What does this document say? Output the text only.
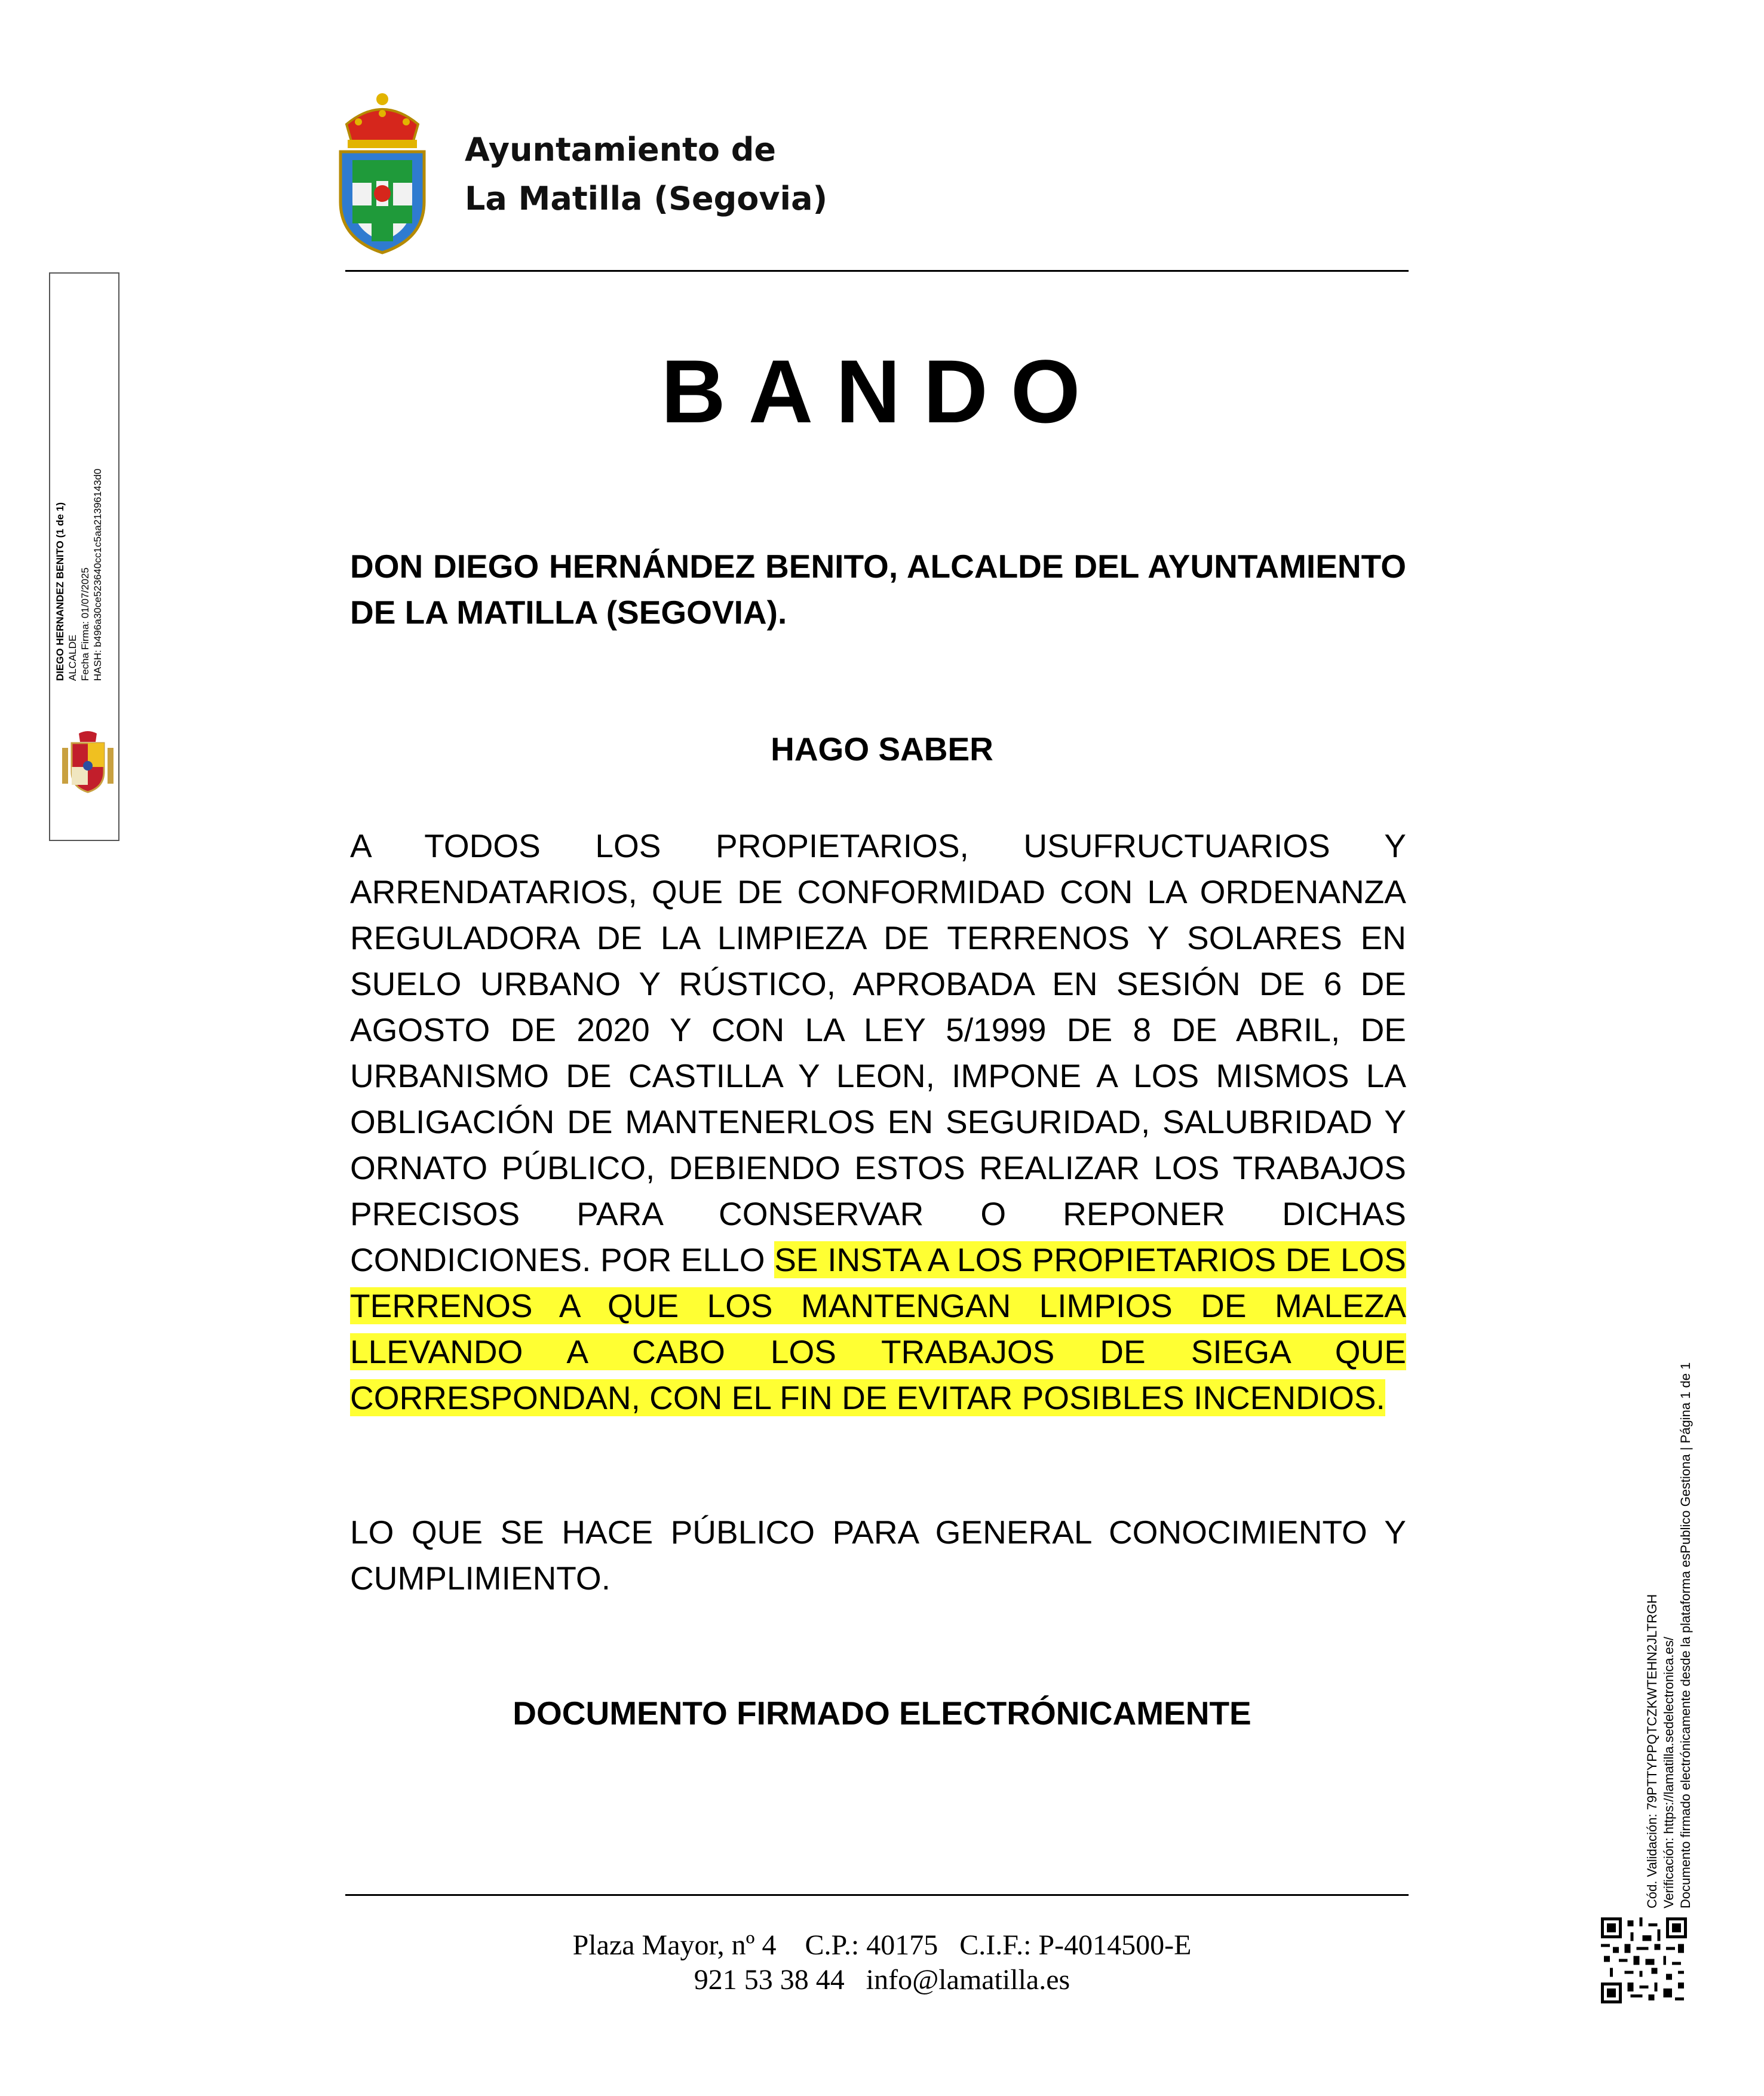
Ayuntamiento de
La Matilla (Segovia)
BANDO

DON DIEGO HERNÁNDEZ BENITO, ALCALDE DEL AYUNTAMIENTO DE LA MATILLA (SEGOVIA).

HAGO SABER

A TODOS LOS PROPIETARIOS, USUFRUCTUARIOS Y ARRENDATARIOS, QUE DE CONFORMIDAD CON LA ORDENANZA REGULADORA DE LA LIMPIEZA DE TERRENOS Y SOLARES EN SUELO URBANO Y RÚSTICO, APROBADA EN SESIÓN DE 6 DE AGOSTO DE 2020 Y CON LA LEY 5/1999 DE 8 DE ABRIL, DE URBANISMO DE CASTILLA Y LEON, IMPONE A LOS MISMOS LA OBLIGACIÓN DE MANTENERLOS EN SEGURIDAD, SALUBRIDAD Y ORNATO PÚBLICO, DEBIENDO ESTOS REALIZAR LOS TRABAJOS PRECISOS PARA CONSERVAR O REPONER DICHAS CONDICIONES. POR ELLO SE INSTA A LOS PROPIETARIOS DE LOS TERRENOS A QUE LOS MANTENGAN LIMPIOS DE MALEZA LLEVANDO A CABO LOS TRABAJOS DE SIEGA QUE CORRESPONDAN, CON EL FIN DE EVITAR POSIBLES INCENDIOS.

LO QUE SE HACE PÚBLICO PARA GENERAL CONOCIMIENTO Y CUMPLIMIENTO.

DOCUMENTO FIRMADO ELECTRÓNICAMENTE
Plaza Mayor, nº 4 C.P.: 40175 C.I.F.: P-4014500-E
921 53 38 44 info@lamatilla.es
DIEGO HERNANDEZ BENITO (1 de 1) ALCALDE Fecha Firma: 01/07/2025 HASH: b496a30ce523640cc1c5aa21396143d0
Cód. Validación: 79PTTYPPQTCZKWTEHN2JLTRGH Verificación: https://lamatilla.sedelectronica.es/ Documento firmado electrónicamente desde la plataforma esPublico Gestiona | Página 1 de 1
